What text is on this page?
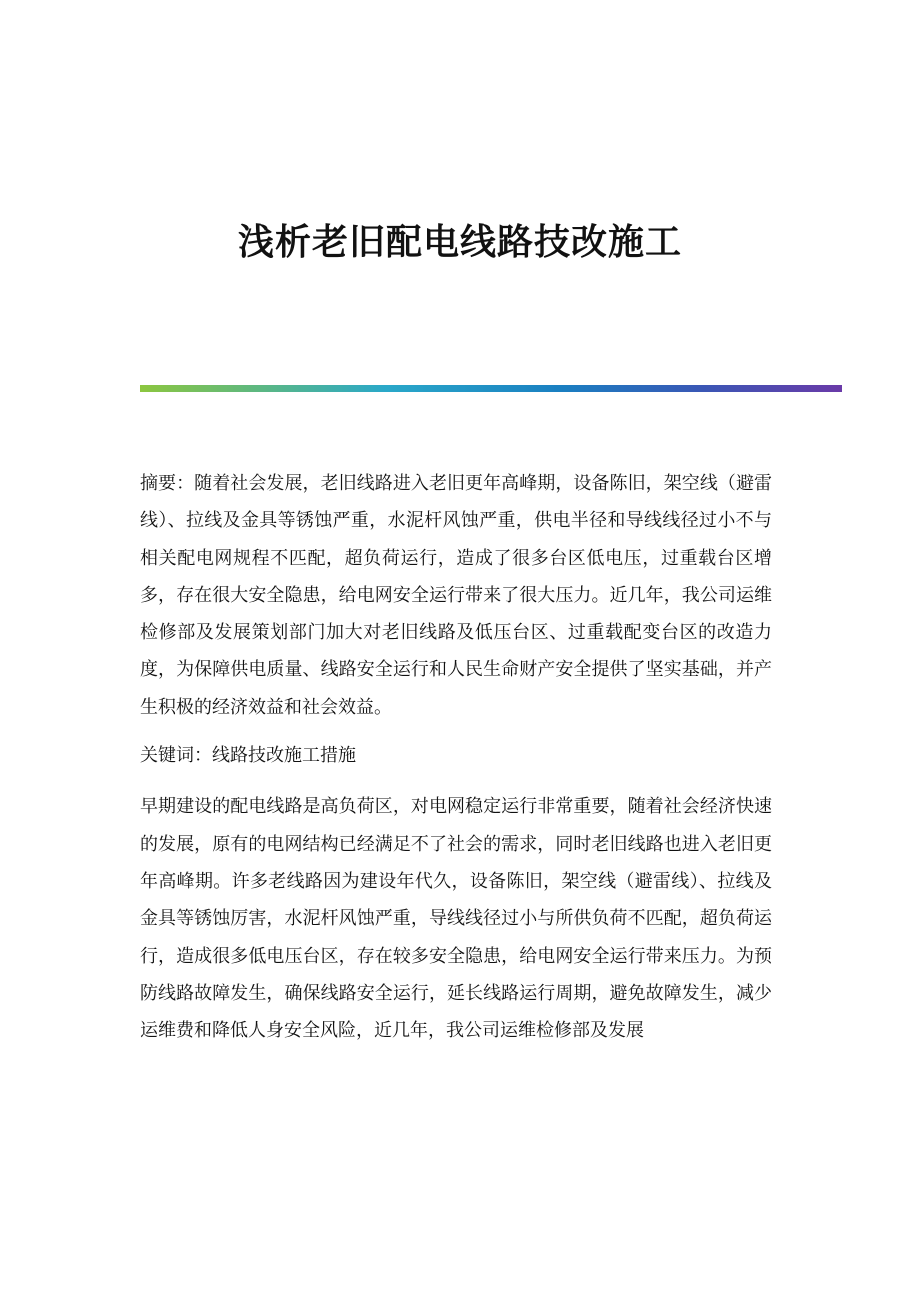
浅析老旧配电线路技改施工

摘要：随着社会发展，老旧线路进入老旧更年高峰期，设备陈旧，架空线（避雷线）、拉线及金具等锈蚀严重，水泥杆风蚀严重，供电半径和导线线径过小不与相关配电网规程不匹配，超负荷运行，造成了很多台区低电压，过重载台区增多，存在很大安全隐患，给电网安全运行带来了很大压力。近几年，我公司运维检修部及发展策划部门加大对老旧线路及低压台区、过重载配变台区的改造力度，为保障供电质量、线路安全运行和人民生命财产安全提供了坚实基础，并产生积极的经济效益和社会效益。

关键词：线路技改施工措施

早期建设的配电线路是高负荷区，对电网稳定运行非常重要，随着社会经济快速的发展，原有的电网结构已经满足不了社会的需求，同时老旧线路也进入老旧更年高峰期。许多老线路因为建设年代久，设备陈旧，架空线（避雷线）、拉线及金具等锈蚀厉害，水泥杆风蚀严重，导线线径过小与所供负荷不匹配，超负荷运行，造成很多低电压台区，存在较多安全隐患，给电网安全运行带来压力。为预防线路故障发生，确保线路安全运行，延长线路运行周期，避免故障发生，减少运维费和降低人身安全风险，近几年，我公司运维检修部及发展
